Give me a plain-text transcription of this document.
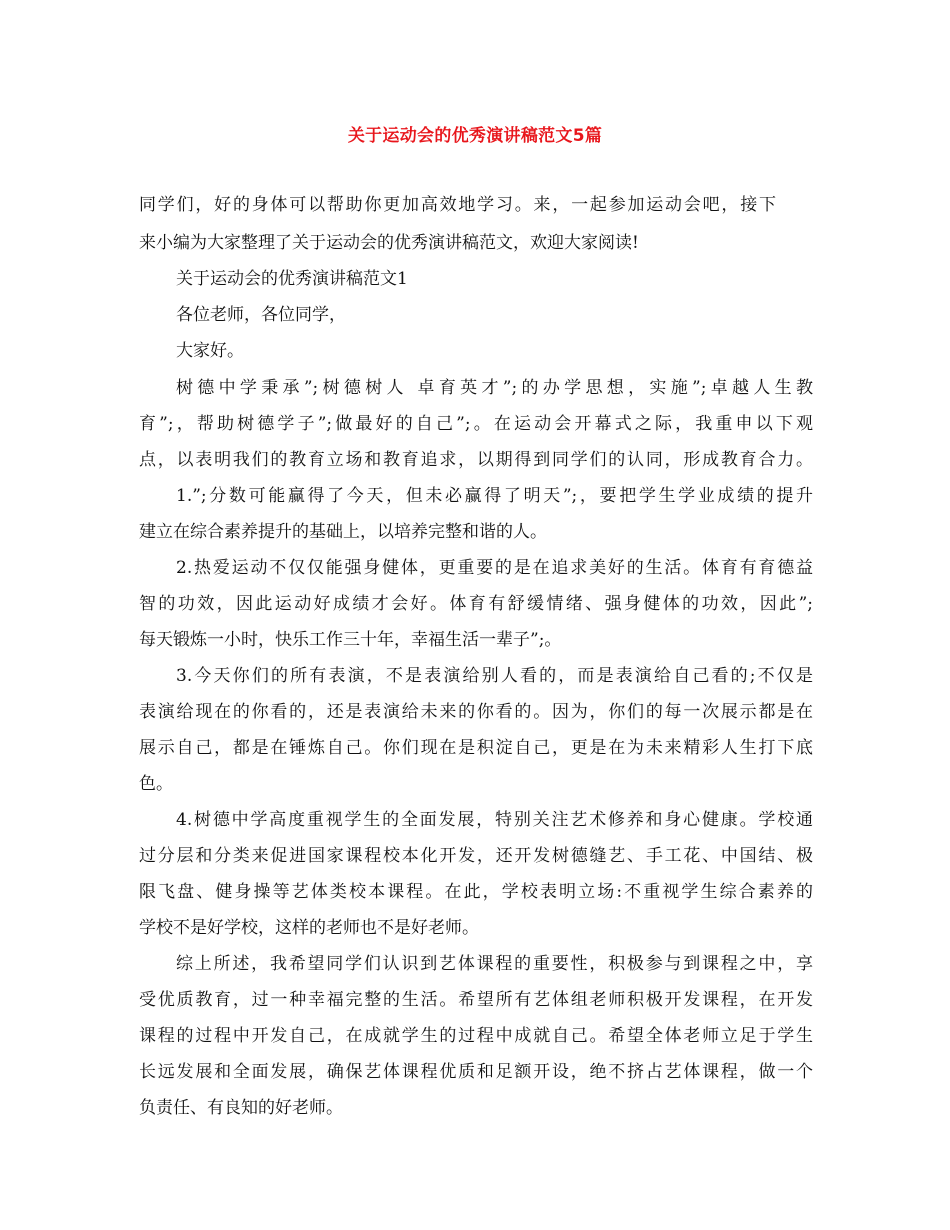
关于运动会的优秀演讲稿范文5篇
同学们，好的身体可以帮助你更加高效地学习。来，一起参加运动会吧，接下
来小编为大家整理了关于运动会的优秀演讲稿范文，欢迎大家阅读!
关于运动会的优秀演讲稿范文1
各位老师，各位同学，
大家好。
树德中学秉承”;树德树人 卓育英才”;的办学思想，实施”;卓越人生教
育”;，帮助树德学子”;做最好的自己”;。在运动会开幕式之际，我重申以下观
点，以表明我们的教育立场和教育追求，以期得到同学们的认同，形成教育合力。
1.”;分数可能赢得了今天，但未必赢得了明天”;，要把学生学业成绩的提升
建立在综合素养提升的基础上，以培养完整和谐的人。
2.热爱运动不仅仅能强身健体，更重要的是在追求美好的生活。体育有育德益
智的功效，因此运动好成绩才会好。体育有舒缓情绪、强身健体的功效，因此”;
每天锻炼一小时，快乐工作三十年，幸福生活一辈子”;。
3.今天你们的所有表演，不是表演给别人看的，而是表演给自己看的;不仅是
表演给现在的你看的，还是表演给未来的你看的。因为，你们的每一次展示都是在
展示自己，都是在锤炼自己。你们现在是积淀自己，更是在为未来精彩人生打下底
色。
4.树德中学高度重视学生的全面发展，特别关注艺术修养和身心健康。学校通
过分层和分类来促进国家课程校本化开发，还开发树德缝艺、手工花、中国结、极
限飞盘、健身操等艺体类校本课程。在此，学校表明立场:不重视学生综合素养的
学校不是好学校，这样的老师也不是好老师。
综上所述，我希望同学们认识到艺体课程的重要性，积极参与到课程之中，享
受优质教育，过一种幸福完整的生活。希望所有艺体组老师积极开发课程，在开发
课程的过程中开发自己，在成就学生的过程中成就自己。希望全体老师立足于学生
长远发展和全面发展，确保艺体课程优质和足额开设，绝不挤占艺体课程，做一个
负责任、有良知的好老师。
